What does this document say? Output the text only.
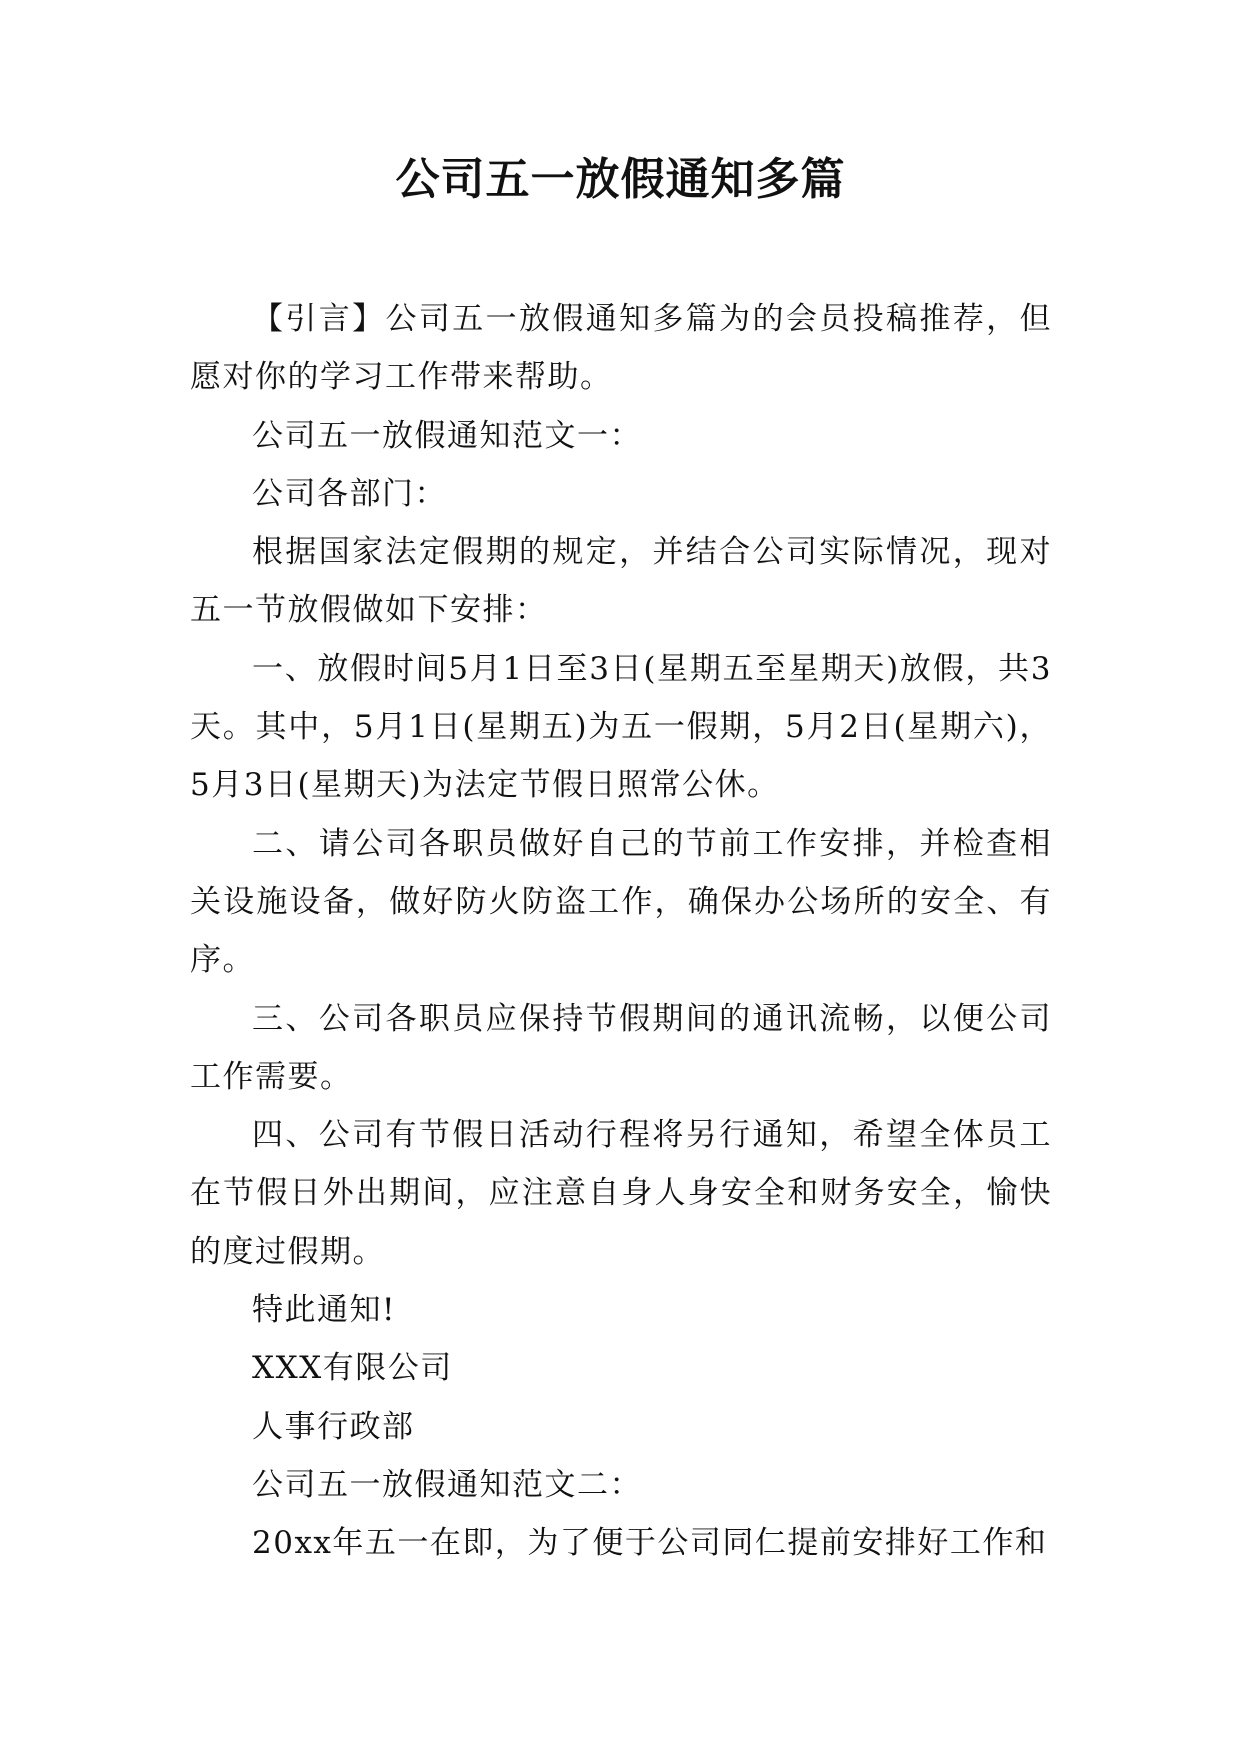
公司五一放假通知多篇

【引言】公司五一放假通知多篇为的会员投稿推荐，但愿对你的学习工作带来帮助。

公司五一放假通知范文一：

公司各部门：

根据国家法定假期的规定，并结合公司实际情况，现对五一节放假做如下安排：

一、放假时间5月1日至3日(星期五至星期天)放假，共3天。其中，5月1日(星期五)为五一假期，5月2日(星期六)，5月3日(星期天)为法定节假日照常公休。

二、请公司各职员做好自己的节前工作安排，并检查相关设施设备，做好防火防盗工作，确保办公场所的安全、有序。

三、公司各职员应保持节假期间的通讯流畅，以便公司工作需要。

四、公司有节假日活动行程将另行通知，希望全体员工在节假日外出期间，应注意自身人身安全和财务安全，愉快的度过假期。

特此通知!

XXX有限公司

人事行政部

公司五一放假通知范文二：

20xx年五一在即，为了便于公司同仁提前安排好工作和
